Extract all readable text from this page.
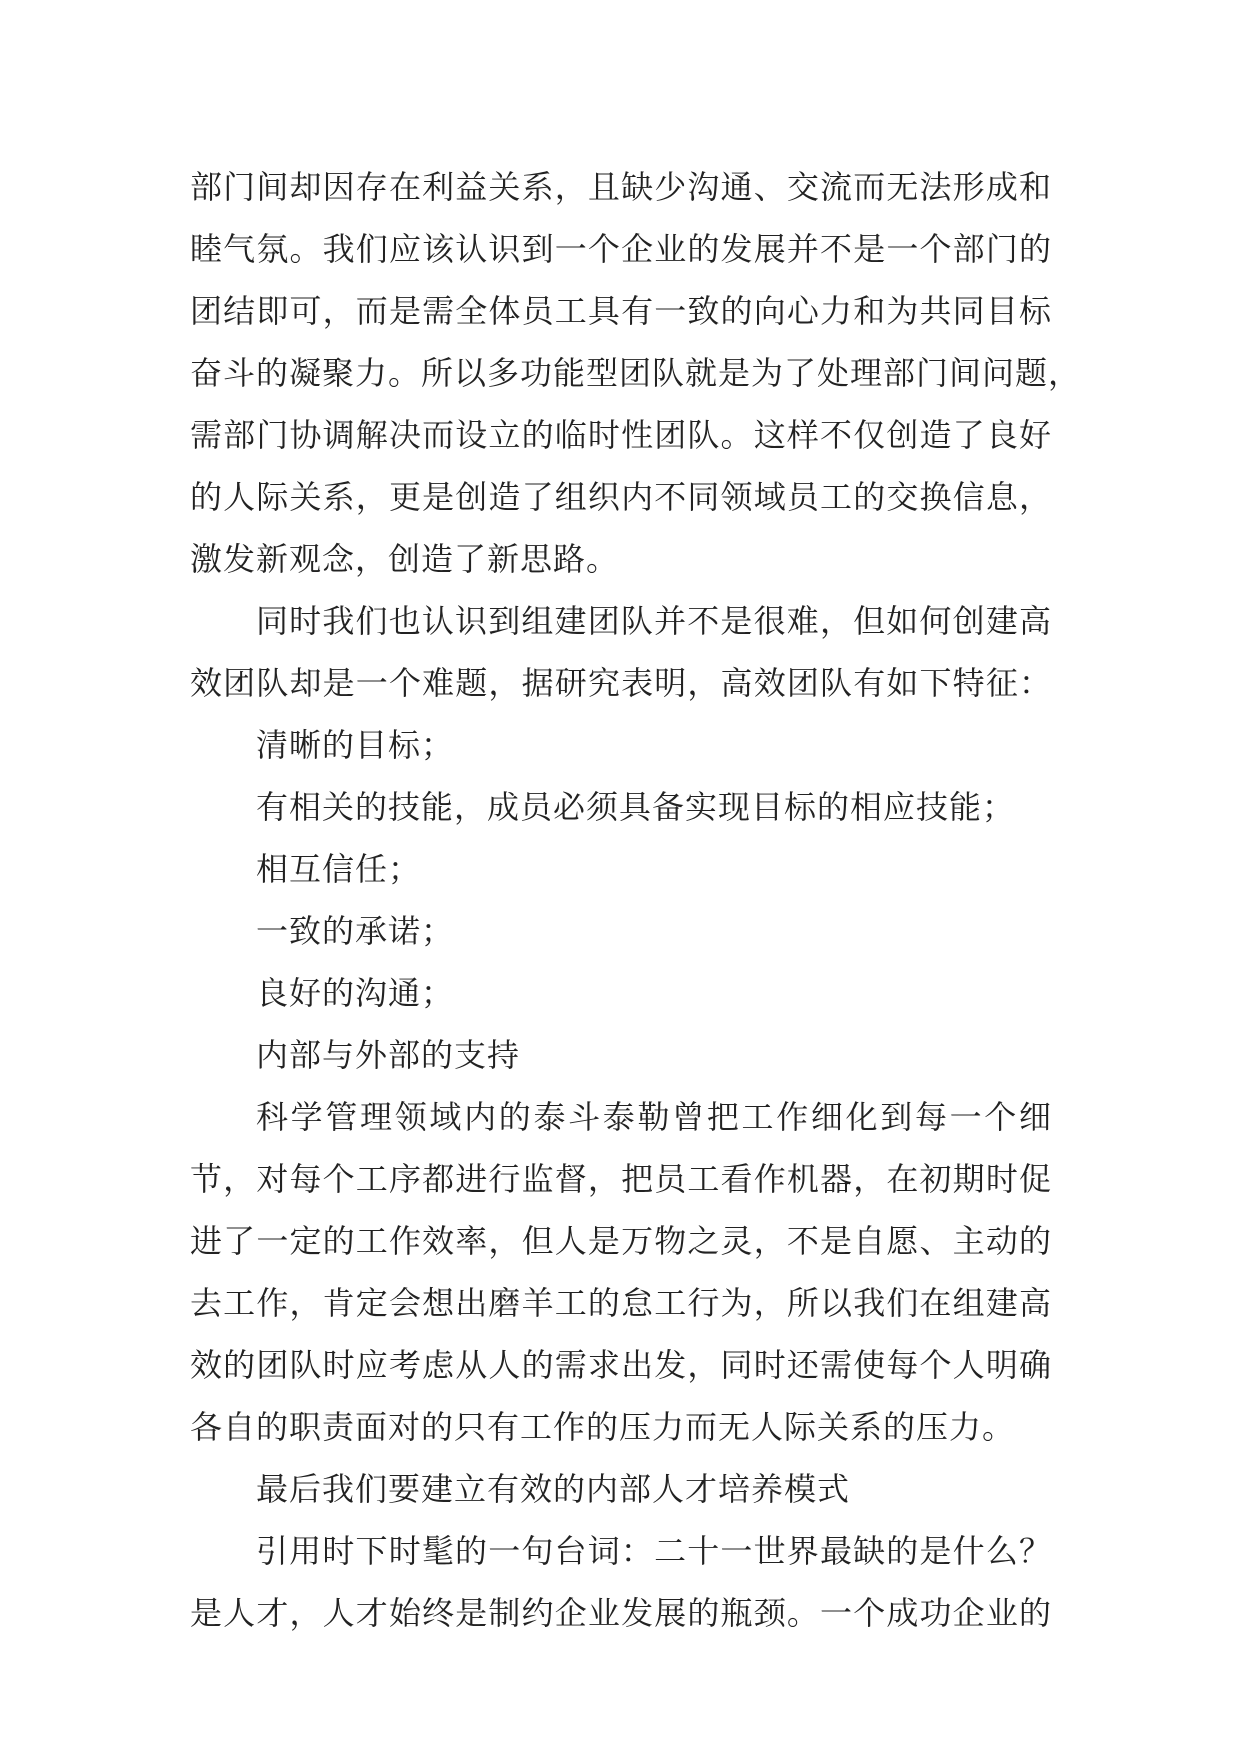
部门间却因存在利益关系，且缺少沟通、交流而无法形成和
睦气氛。我们应该认识到一个企业的发展并不是一个部门的
团结即可，而是需全体员工具有一致的向心力和为共同目标
奋斗的凝聚力。所以多功能型团队就是为了处理部门间问题，
需部门协调解决而设立的临时性团队。这样不仅创造了良好
的人际关系，更是创造了组织内不同领域员工的交换信息，
激发新观念，创造了新思路。
同时我们也认识到组建团队并不是很难，但如何创建高
效团队却是一个难题，据研究表明，高效团队有如下特征：
清晰的目标；
有相关的技能，成员必须具备实现目标的相应技能；
相互信任；
一致的承诺；
良好的沟通；
内部与外部的支持
科学管理领域内的泰斗泰勒曾把工作细化到每一个细
节，对每个工序都进行监督，把员工看作机器，在初期时促
进了一定的工作效率，但人是万物之灵，不是自愿、主动的
去工作，肯定会想出磨羊工的怠工行为，所以我们在组建高
效的团队时应考虑从人的需求出发，同时还需使每个人明确
各自的职责面对的只有工作的压力而无人际关系的压力。
最后我们要建立有效的内部人才培养模式
引用时下时髦的一句台词：二十一世界最缺的是什么？
是人才，人才始终是制约企业发展的瓶颈。一个成功企业的
